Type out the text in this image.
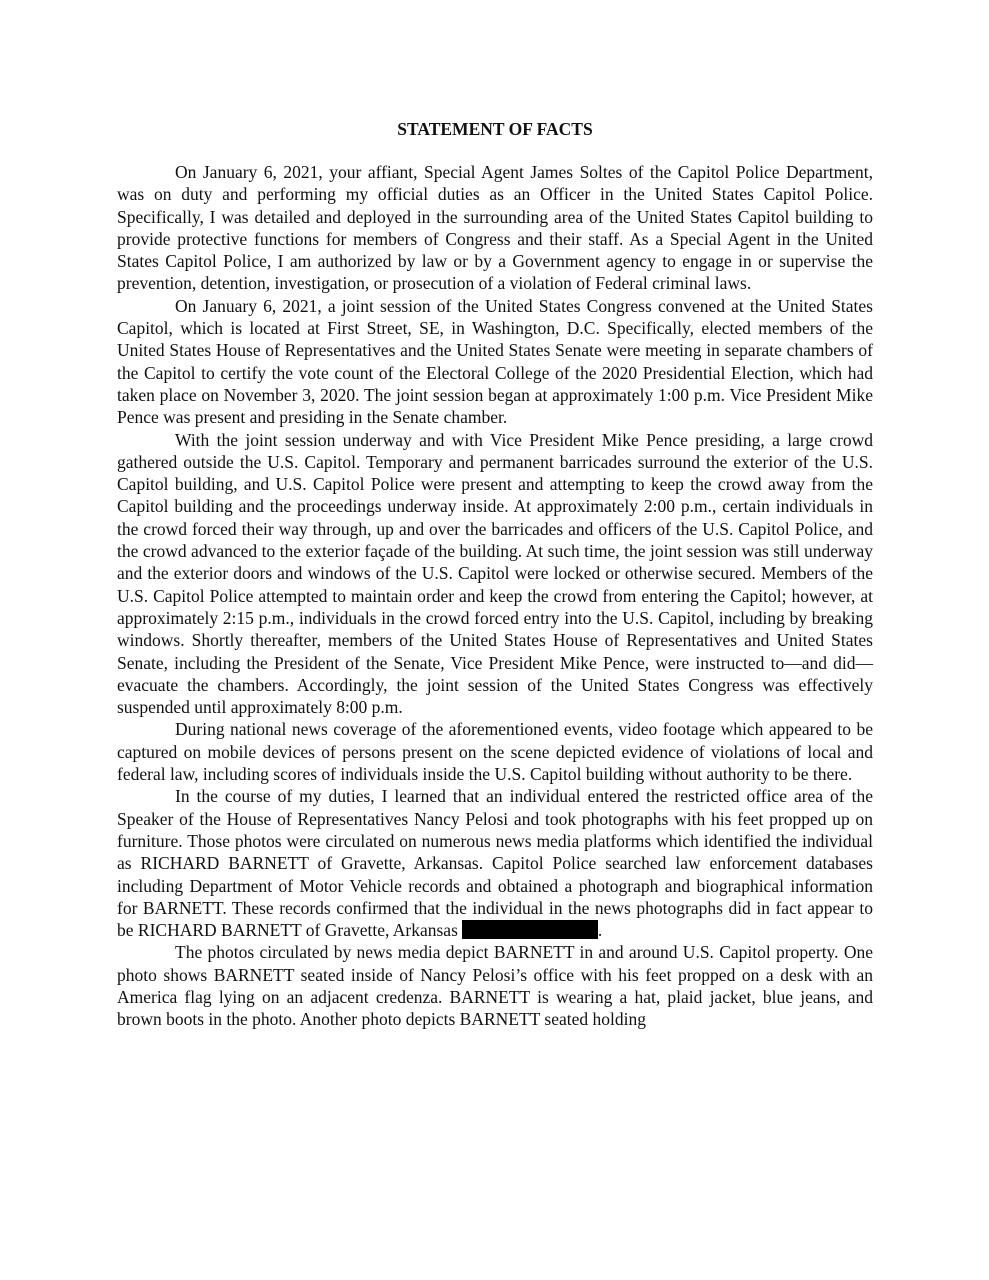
STATEMENT OF FACTS

On January 6, 2021, your affiant, Special Agent James Soltes of the Capitol Police Department, was on duty and performing my official duties as an Officer in the United States Capitol Police. Specifically, I was detailed and deployed in the surrounding area of the United States Capitol building to provide protective functions for members of Congress and their staff. As a Special Agent in the United States Capitol Police, I am authorized by law or by a Government agency to engage in or supervise the prevention, detention, investigation, or prosecution of a violation of Federal criminal laws.

On January 6, 2021, a joint session of the United States Congress convened at the United States Capitol, which is located at First Street, SE, in Washington, D.C. Specifically, elected members of the United States House of Representatives and the United States Senate were meeting in separate chambers of the Capitol to certify the vote count of the Electoral College of the 2020 Presidential Election, which had taken place on November 3, 2020. The joint session began at approximately 1:00 p.m. Vice President Mike Pence was present and presiding in the Senate chamber.

With the joint session underway and with Vice President Mike Pence presiding, a large crowd gathered outside the U.S. Capitol. Temporary and permanent barricades surround the exterior of the U.S. Capitol building, and U.S. Capitol Police were present and attempting to keep the crowd away from the Capitol building and the proceedings underway inside. At approximately 2:00 p.m., certain individuals in the crowd forced their way through, up and over the barricades and officers of the U.S. Capitol Police, and the crowd advanced to the exterior façade of the building. At such time, the joint session was still underway and the exterior doors and windows of the U.S. Capitol were locked or otherwise secured. Members of the U.S. Capitol Police attempted to maintain order and keep the crowd from entering the Capitol; however, at approximately 2:15 p.m., individuals in the crowd forced entry into the U.S. Capitol, including by breaking windows. Shortly thereafter, members of the United States House of Representatives and United States Senate, including the President of the Senate, Vice President Mike Pence, were instructed to—and did—evacuate the chambers. Accordingly, the joint session of the United States Congress was effectively suspended until approximately 8:00 p.m.

During national news coverage of the aforementioned events, video footage which appeared to be captured on mobile devices of persons present on the scene depicted evidence of violations of local and federal law, including scores of individuals inside the U.S. Capitol building without authority to be there.

In the course of my duties, I learned that an individual entered the restricted office area of the Speaker of the House of Representatives Nancy Pelosi and took photographs with his feet propped up on furniture. Those photos were circulated on numerous news media platforms which identified the individual as RICHARD BARNETT of Gravette, Arkansas. Capitol Police searched law enforcement databases including Department of Motor Vehicle records and obtained a photograph and biographical information for BARNETT. These records confirmed that the individual in the news photographs did in fact appear to be RICHARD BARNETT of Gravette, Arkansas	.

The photos circulated by news media depict BARNETT in and around U.S. Capitol property. One photo shows BARNETT seated inside of Nancy Pelosi’s office with his feet propped on a desk with an America flag lying on an adjacent credenza. BARNETT is wearing a hat, plaid jacket, blue jeans, and brown boots in the photo. Another photo depicts BARNETT seated holding
